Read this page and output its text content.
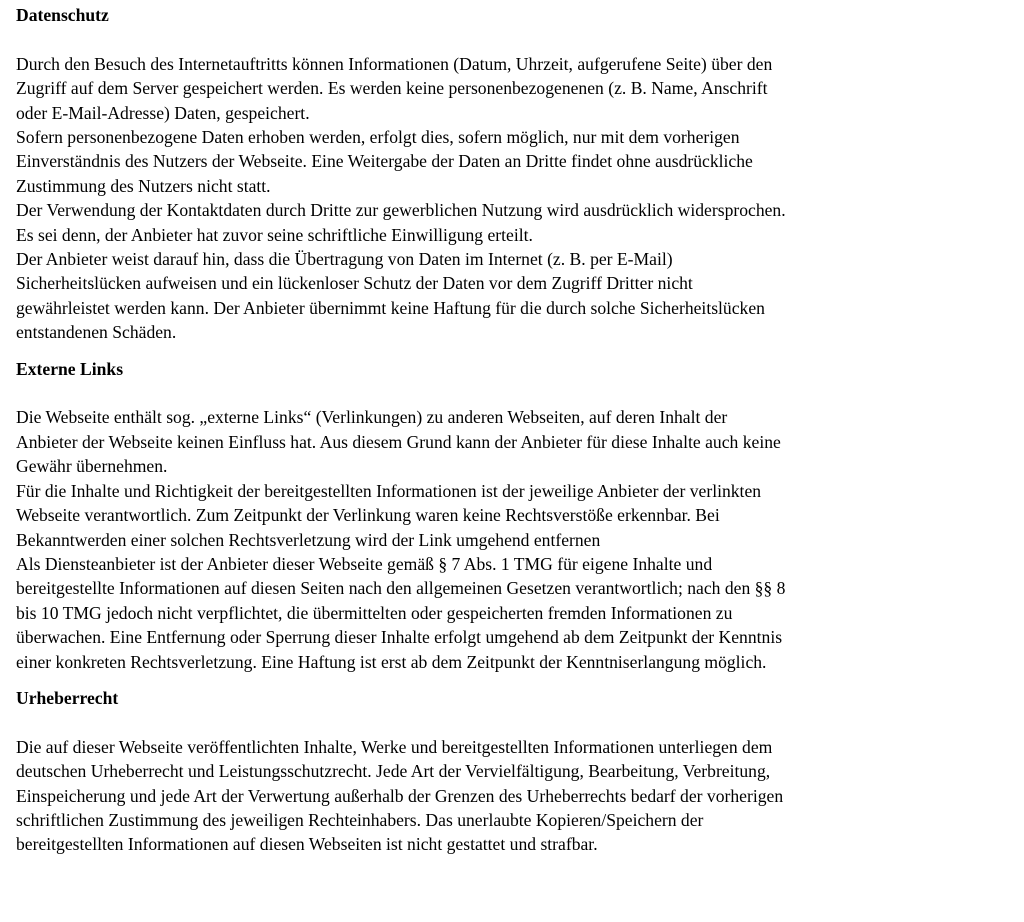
Datenschutz

Durch den Besuch des Internetauftritts können Informationen (Datum, Uhrzeit, aufgerufene Seite) über den
Zugriff auf dem Server gespeichert werden. Es werden keine personenbezogenenen (z. B. Name, Anschrift
oder E-Mail-Adresse) Daten, gespeichert.
Sofern personenbezogene Daten erhoben werden, erfolgt dies, sofern möglich, nur mit dem vorherigen
Einverständnis des Nutzers der Webseite. Eine Weitergabe der Daten an Dritte findet ohne ausdrückliche
Zustimmung des Nutzers nicht statt.
Der Verwendung der Kontaktdaten durch Dritte zur gewerblichen Nutzung wird ausdrücklich widersprochen.
Es sei denn, der Anbieter hat zuvor seine schriftliche Einwilligung erteilt.
Der Anbieter weist darauf hin, dass die Übertragung von Daten im Internet (z. B. per E-Mail)
Sicherheitslücken aufweisen und ein lückenloser Schutz der Daten vor dem Zugriff Dritter nicht
gewährleistet werden kann. Der Anbieter übernimmt keine Haftung für die durch solche Sicherheitslücken
entstandenen Schäden.

Externe Links

Die Webseite enthält sog. „externe Links“ (Verlinkungen) zu anderen Webseiten, auf deren Inhalt der
Anbieter der Webseite keinen Einfluss hat. Aus diesem Grund kann der Anbieter für diese Inhalte auch keine
Gewähr übernehmen.
Für die Inhalte und Richtigkeit der bereitgestellten Informationen ist der jeweilige Anbieter der verlinkten
Webseite verantwortlich. Zum Zeitpunkt der Verlinkung waren keine Rechtsverstöße erkennbar. Bei
Bekanntwerden einer solchen Rechtsverletzung wird der Link umgehend entfernen
Als Diensteanbieter ist der Anbieter dieser Webseite gemäß § 7 Abs. 1 TMG für eigene Inhalte und
bereitgestellte Informationen auf diesen Seiten nach den allgemeinen Gesetzen verantwortlich; nach den §§ 8
bis 10 TMG jedoch nicht verpflichtet, die übermittelten oder gespeicherten fremden Informationen zu
überwachen. Eine Entfernung oder Sperrung dieser Inhalte erfolgt umgehend ab dem Zeitpunkt der Kenntnis
einer konkreten Rechtsverletzung. Eine Haftung ist erst ab dem Zeitpunkt der Kenntniserlangung möglich.

Urheberrecht

Die auf dieser Webseite veröffentlichten Inhalte, Werke und bereitgestellten Informationen unterliegen dem
deutschen Urheberrecht und Leistungsschutzrecht. Jede Art der Vervielfältigung, Bearbeitung, Verbreitung,
Einspeicherung und jede Art der Verwertung außerhalb der Grenzen des Urheberrechts bedarf der vorherigen
schriftlichen Zustimmung des jeweiligen Rechteinhabers. Das unerlaubte Kopieren/Speichern der
bereitgestellten Informationen auf diesen Webseiten ist nicht gestattet und strafbar.
